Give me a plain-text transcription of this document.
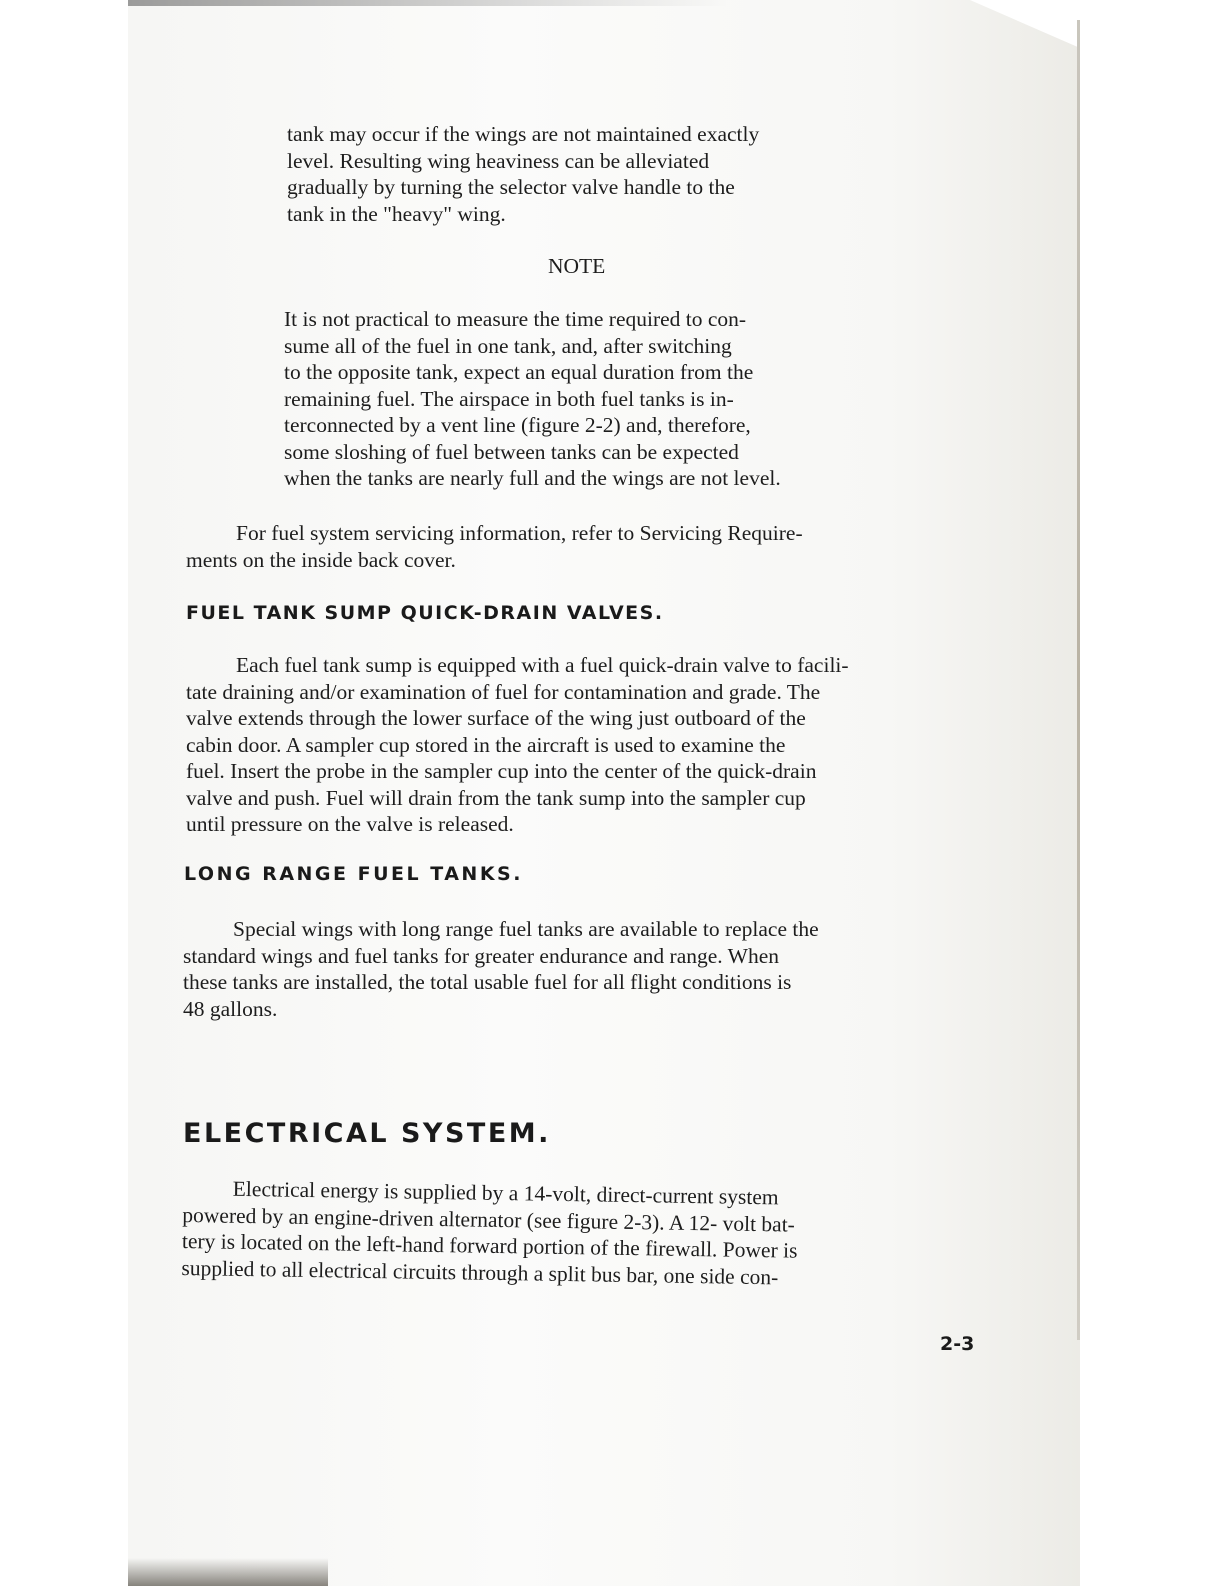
tank may occur if the wings are not maintained exactly
level. Resulting wing heaviness can be alleviated
gradually by turning the selector valve handle to the
tank in the "heavy" wing.

NOTE

It is not practical to measure the time required to con-
sume all of the fuel in one tank, and, after switching
to the opposite tank, expect an equal duration from the
remaining fuel. The airspace in both fuel tanks is in-
terconnected by a vent line (figure 2-2) and, therefore,
some sloshing of fuel between tanks can be expected
when the tanks are nearly full and the wings are not level.

For fuel system servicing information, refer to Servicing Require-
ments on the inside back cover.

FUEL TANK SUMP QUICK-DRAIN VALVES.

Each fuel tank sump is equipped with a fuel quick-drain valve to facili-
tate draining and/or examination of fuel for contamination and grade. The
valve extends through the lower surface of the wing just outboard of the
cabin door. A sampler cup stored in the aircraft is used to examine the
fuel. Insert the probe in the sampler cup into the center of the quick-drain
valve and push. Fuel will drain from the tank sump into the sampler cup
until pressure on the valve is released.

LONG RANGE FUEL TANKS.

Special wings with long range fuel tanks are available to replace the
standard wings and fuel tanks for greater endurance and range. When
these tanks are installed, the total usable fuel for all flight conditions is
48 gallons.

ELECTRICAL SYSTEM.

Electrical energy is supplied by a 14-volt, direct-current system
powered by an engine-driven alternator (see figure 2-3). A 12- volt bat-
tery is located on the left-hand forward portion of the firewall. Power is
supplied to all electrical circuits through a split bus bar, one side con-

2-3
